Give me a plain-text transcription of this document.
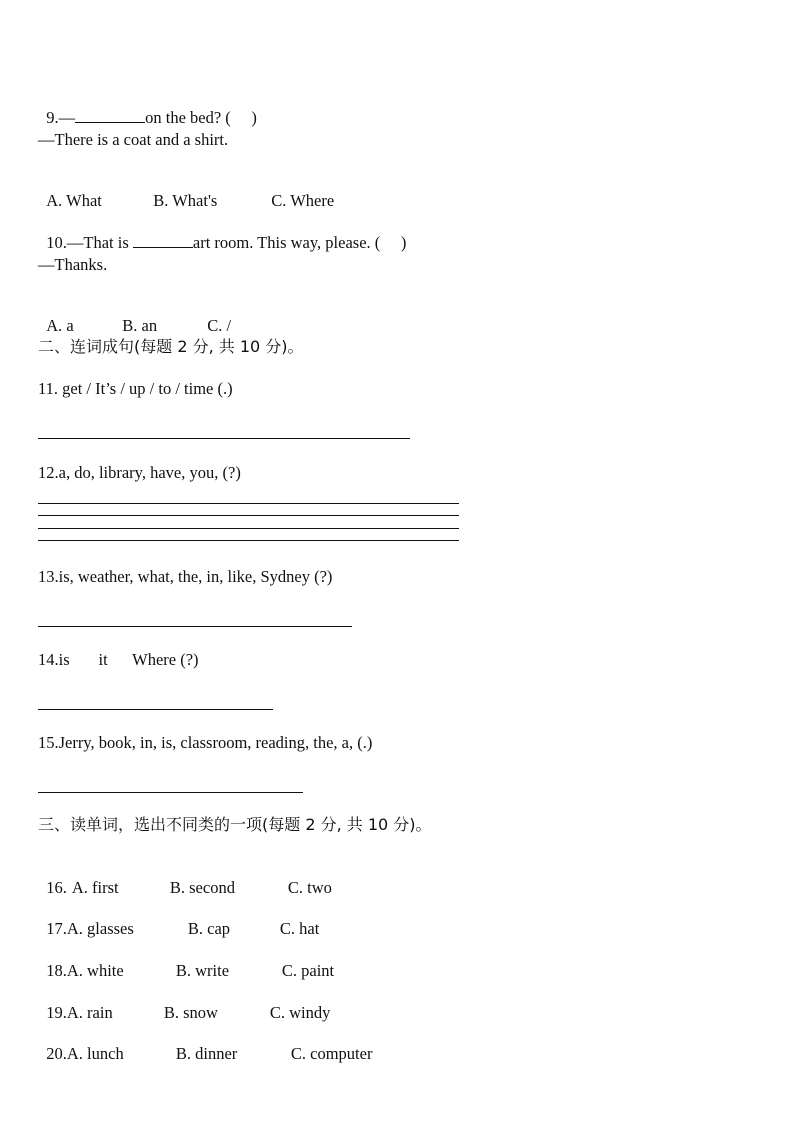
9.—	on the bed? (     )

—There is a coat and a shirt.

A. What	B. What's	C. Where

10.—That is	art room. This way, please. (     )

—Thanks.

A. a	B. an	C. /

二、连词成句(每题 2 分, 共 10 分)。
11. get / It’s / up / to / time (.)
12.a, do, library, have, you, (?)
13.is, weather, what, the, in, like, Sydney (?)
14.is       it      Where (?)
15.Jerry, book, in, is, classroom, reading, the, a, (.)
三、读单词，选出不同类的一项(每题 2 分, 共 10 分)。

16. A. first	B. second	C. two

17.A. glasses	B. cap	C. hat

18.A. white	B. write	C. paint

19.A. rain	B. snow	C. windy

20.A. lunch	B. dinner	C. computer
